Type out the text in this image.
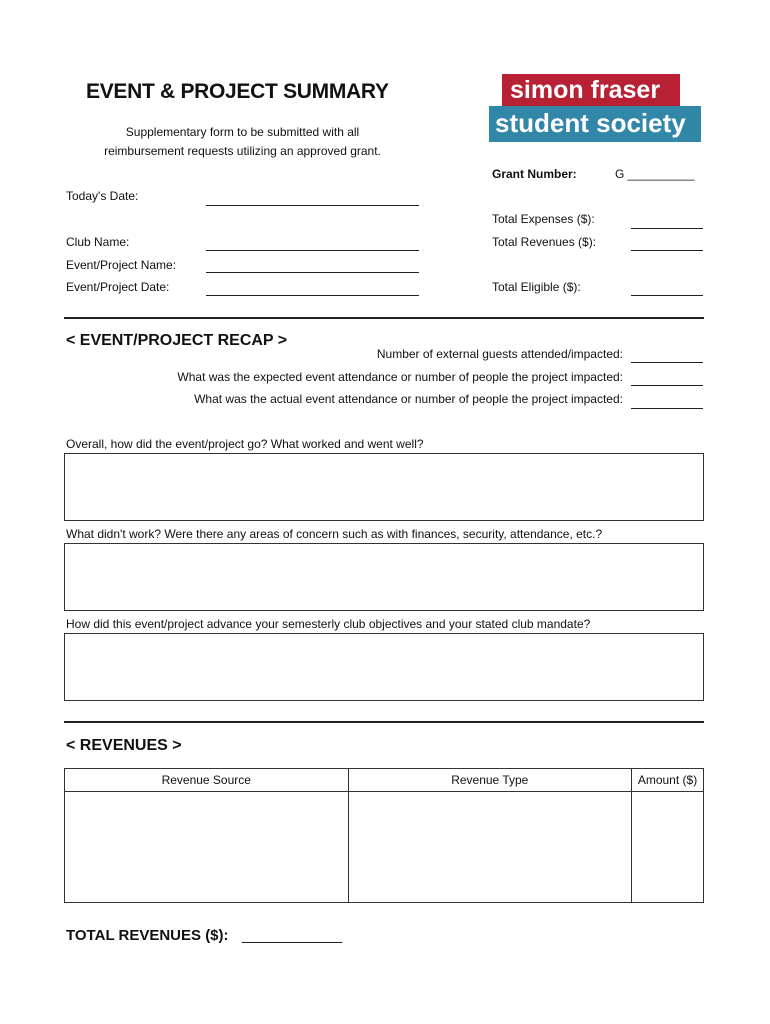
EVENT & PROJECT SUMMARY
Supplementary form to be submitted with all
reimbursement requests utilizing an approved grant.
simon fraser
student society
Grant Number:	G __________
Today's Date:
Club Name:
Event/Project Name:
Event/Project Date:
Total Expenses ($):
Total Revenues ($):
Total Eligible ($):
< EVENT/PROJECT RECAP >
Number of external guests attended/impacted:
What was the expected event attendance or number of people the project impacted:
What was the actual event attendance or number of people the project impacted:
Overall, how did the event/project go? What worked and went well?
What didn't work? Were there any areas of concern such as with finances, security, attendance, etc.?
How did this event/project advance your semesterly club objectives and your stated club mandate?
< REVENUES >
Revenue Source	Revenue Type	Amount ($)

TOTAL REVENUES ($): ____________
